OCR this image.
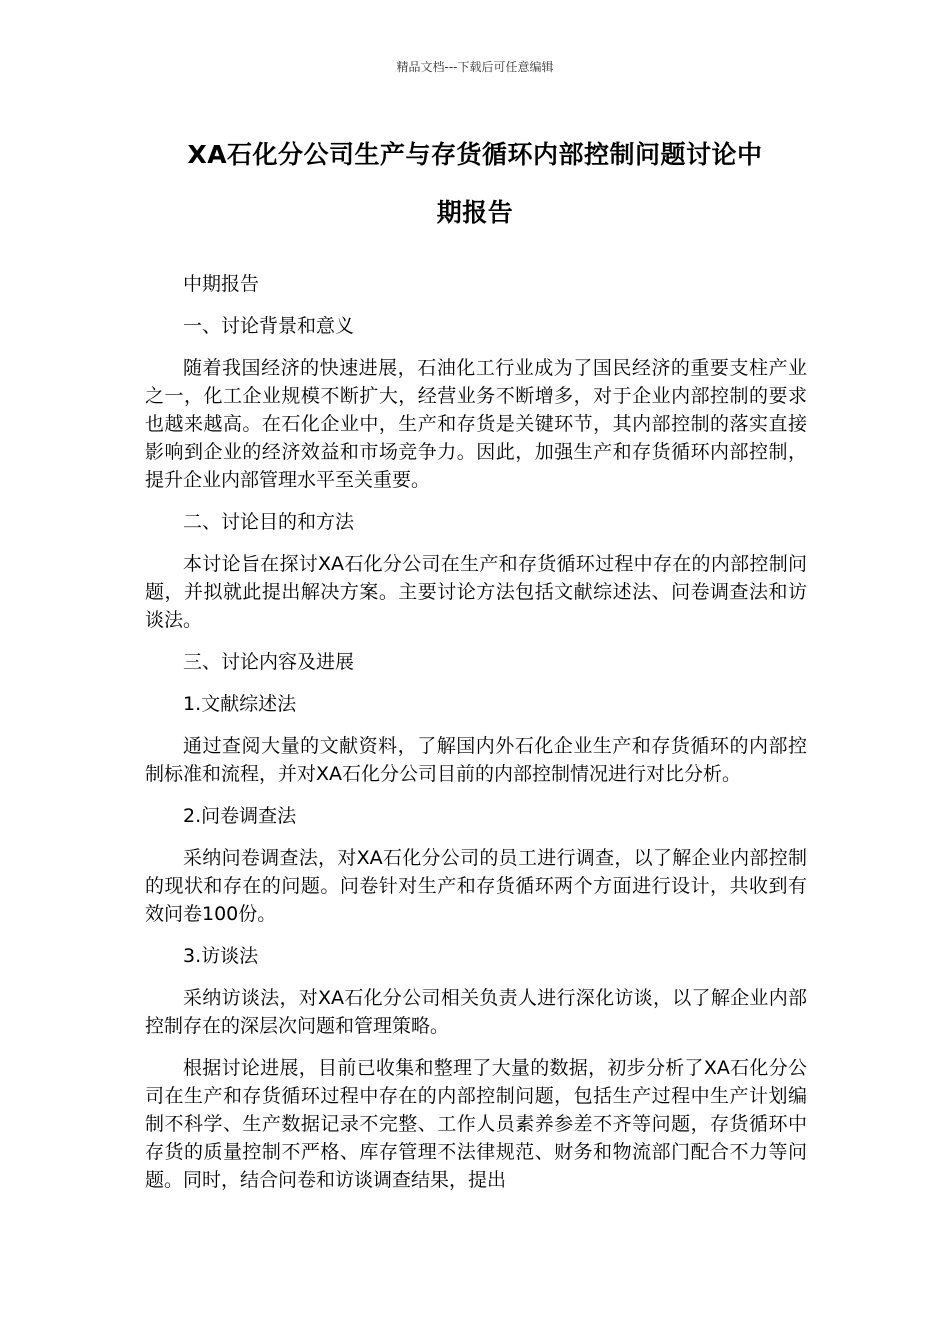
精品文档---下载后可任意编辑
XA石化分公司生产与存货循环内部控制问题讨论中
期报告

中期报告

一、讨论背景和意义

随着我国经济的快速进展，石油化工行业成为了国民经济的重要支柱产业之一，化工企业规模不断扩大，经营业务不断增多，对于企业内部控制的要求也越来越高。在石化企业中，生产和存货是关键环节，其内部控制的落实直接影响到企业的经济效益和市场竞争力。因此，加强生产和存货循环内部控制，提升企业内部管理水平至关重要。

二、讨论目的和方法

本讨论旨在探讨XA石化分公司在生产和存货循环过程中存在的内部控制问题，并拟就此提出解决方案。主要讨论方法包括文献综述法、问卷调查法和访谈法。

三、讨论内容及进展

1.文献综述法

通过查阅大量的文献资料，了解国内外石化企业生产和存货循环的内部控制标准和流程，并对XA石化分公司目前的内部控制情况进行对比分析。

2.问卷调查法

采纳问卷调查法，对XA石化分公司的员工进行调查，以了解企业内部控制的现状和存在的问题。问卷针对生产和存货循环两个方面进行设计，共收到有效问卷100份。

3.访谈法

采纳访谈法，对XA石化分公司相关负责人进行深化访谈，以了解企业内部控制存在的深层次问题和管理策略。

根据讨论进展，目前已收集和整理了大量的数据，初步分析了XA石化分公司在生产和存货循环过程中存在的内部控制问题，包括生产过程中生产计划编制不科学、生产数据记录不完整、工作人员素养参差不齐等问题，存货循环中存货的质量控制不严格、库存管理不法律规范、财务和物流部门配合不力等问题。同时，结合问卷和访谈调查结果，提出
